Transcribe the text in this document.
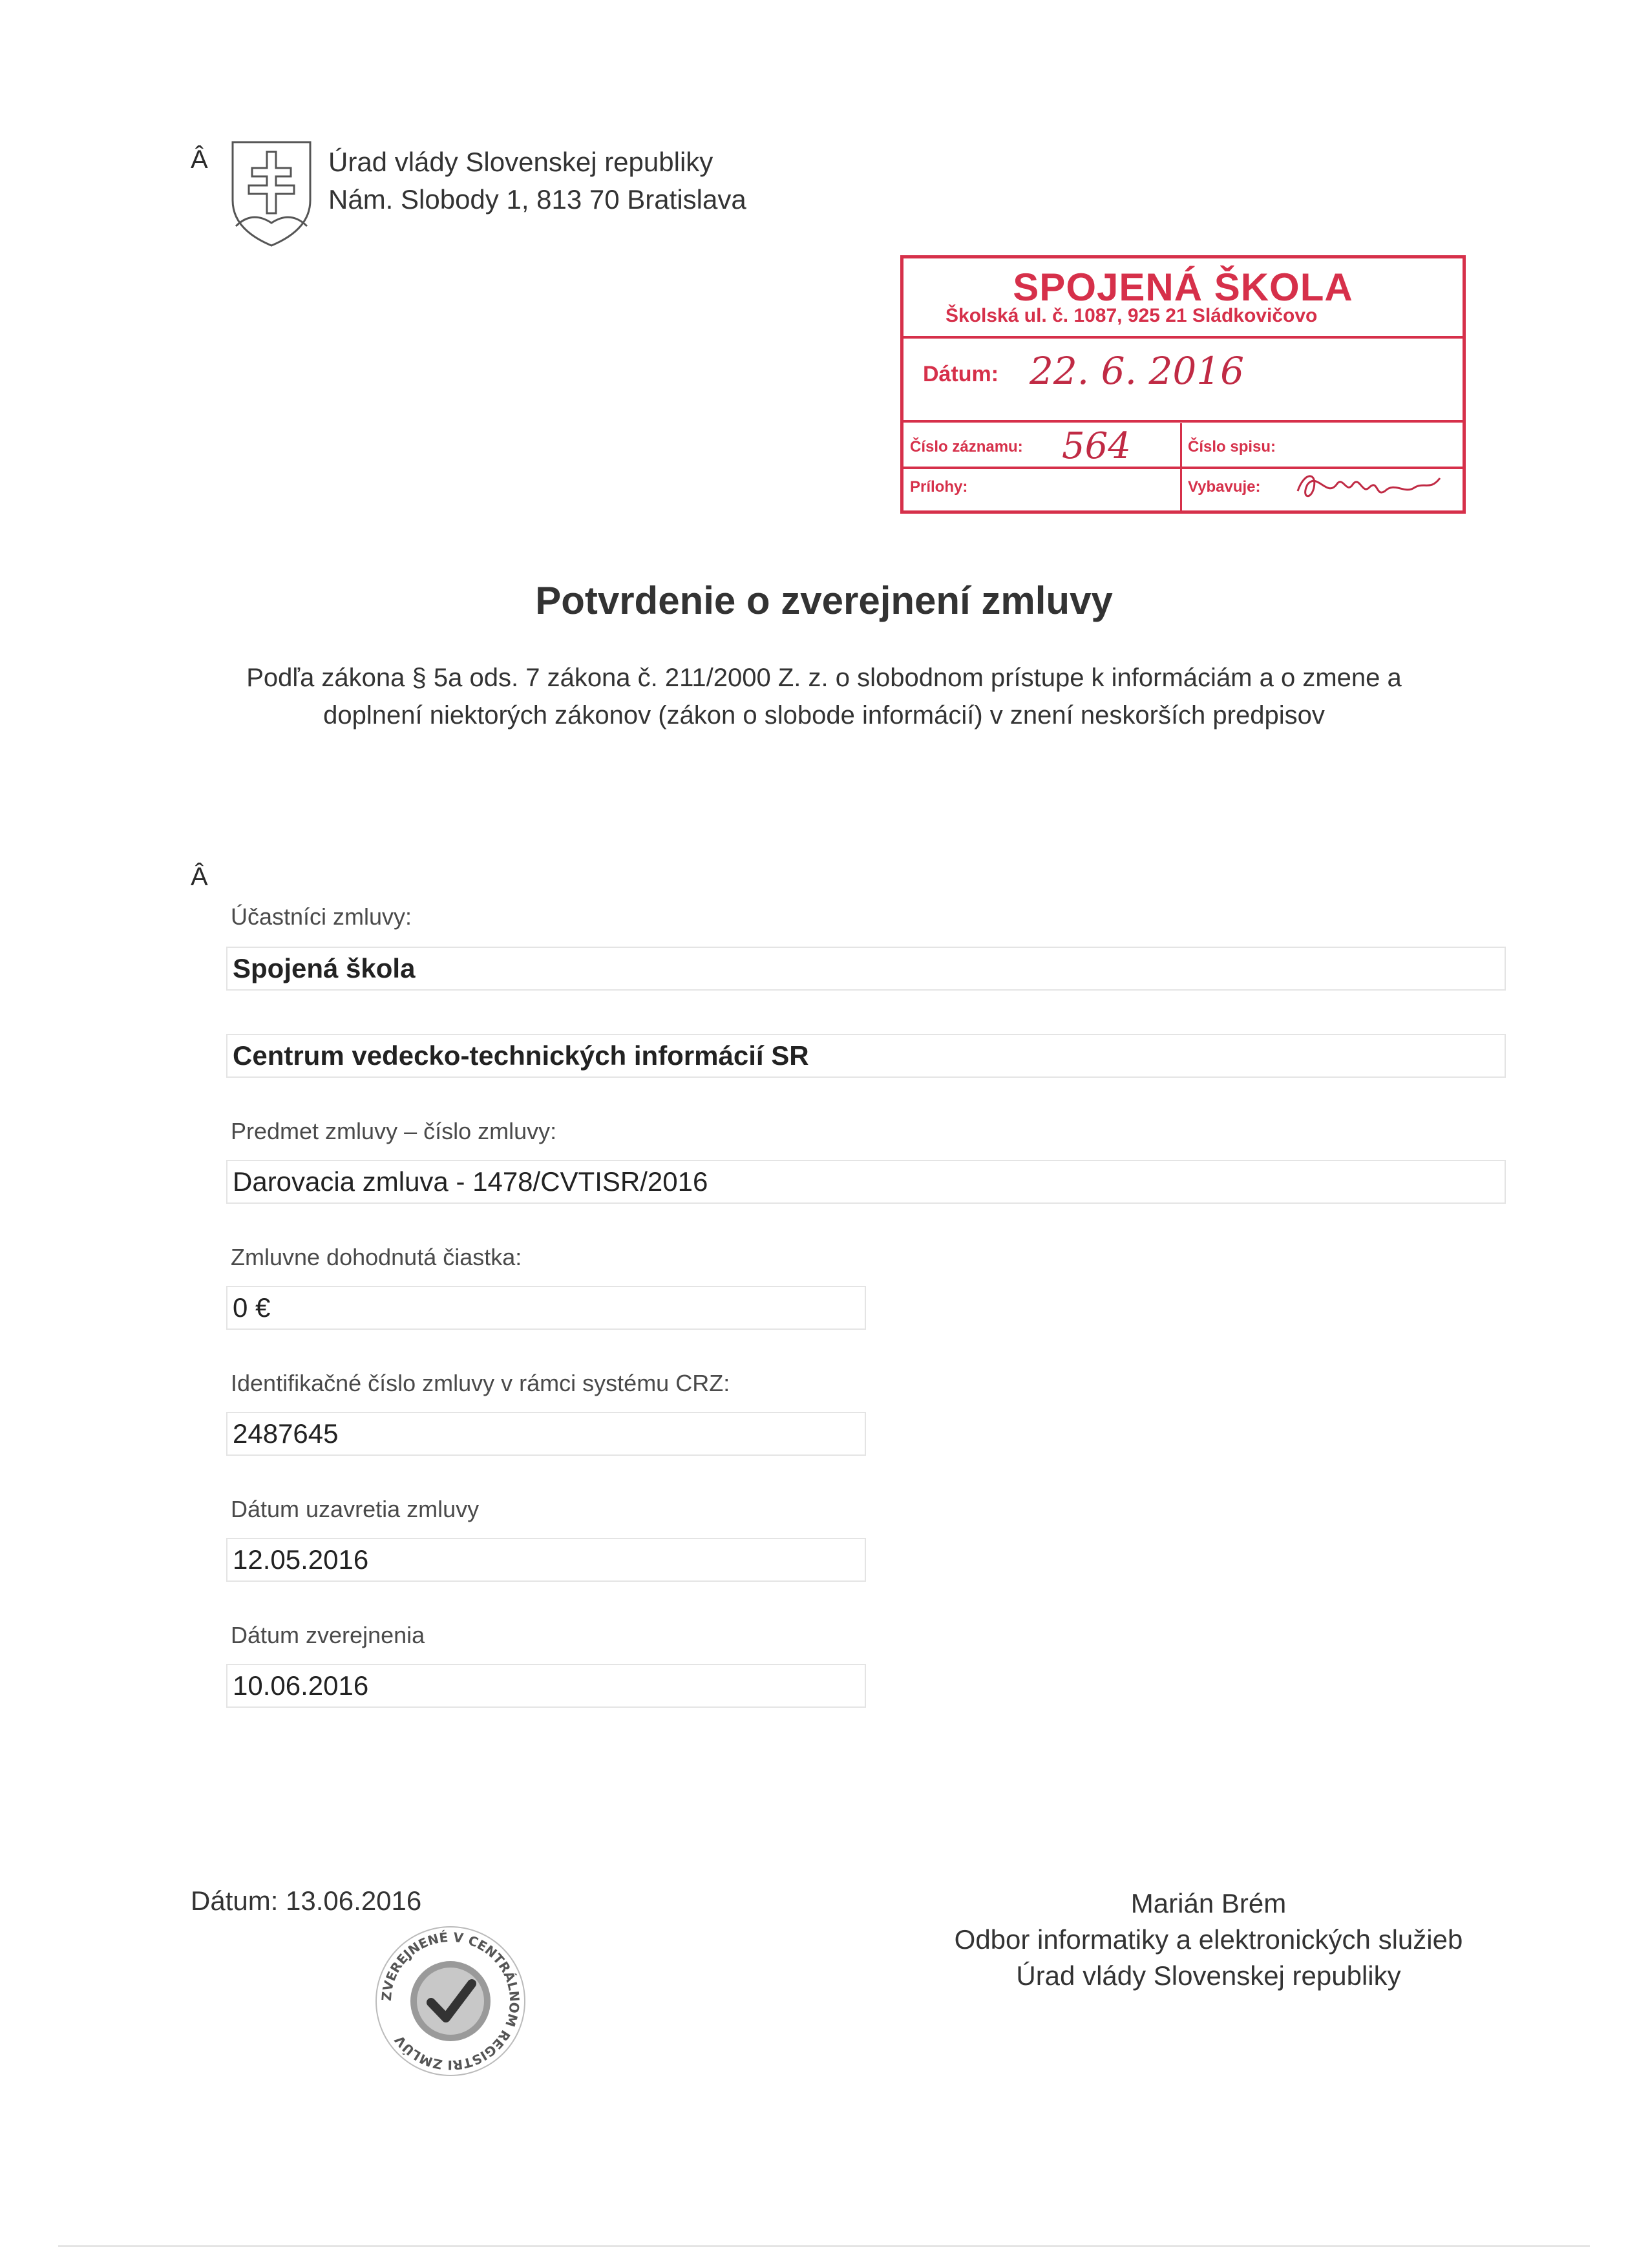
Â	Úrad vlády Slovenskej republiky
Nám. Slobody 1, 813 70 Bratislava
SPOJENÁ ŠKOLA
Školská ul. č. 1087, 925 21 Sládkovičovo
Dátum: 22. 6. 2016
Číslo záznamu: 564	Číslo spisu:
Prílohy:	Vybavuje:
Potvrdenie o zverejnení zmluvy
Podľa zákona § 5a ods. 7 zákona č. 211/2000 Z. z. o slobodnom prístupe k informáciám a o zmene a
doplnení niektorých zákonov (zákon o slobode informácií) v znení neskorších predpisov
Â
Účastníci zmluvy:
Spojená škola
Centrum vedecko-technických informácií SR
Predmet zmluvy – číslo zmluvy:
Darovacia zmluva - 1478/CVTISR/2016
Zmluvne dohodnutá čiastka:
0 €
Identifikačné číslo zmluvy v rámci systému CRZ:
2487645
Dátum uzavretia zmluvy
12.05.2016
Dátum zverejnenia
10.06.2016
Dátum: 13.06.2016	Marián Brém
Odbor informatiky a elektronických služieb
Úrad vlády Slovenskej republiky
ZVEREJNENÉ V CENTRÁLNOM REGISTRI ZMLÚV
